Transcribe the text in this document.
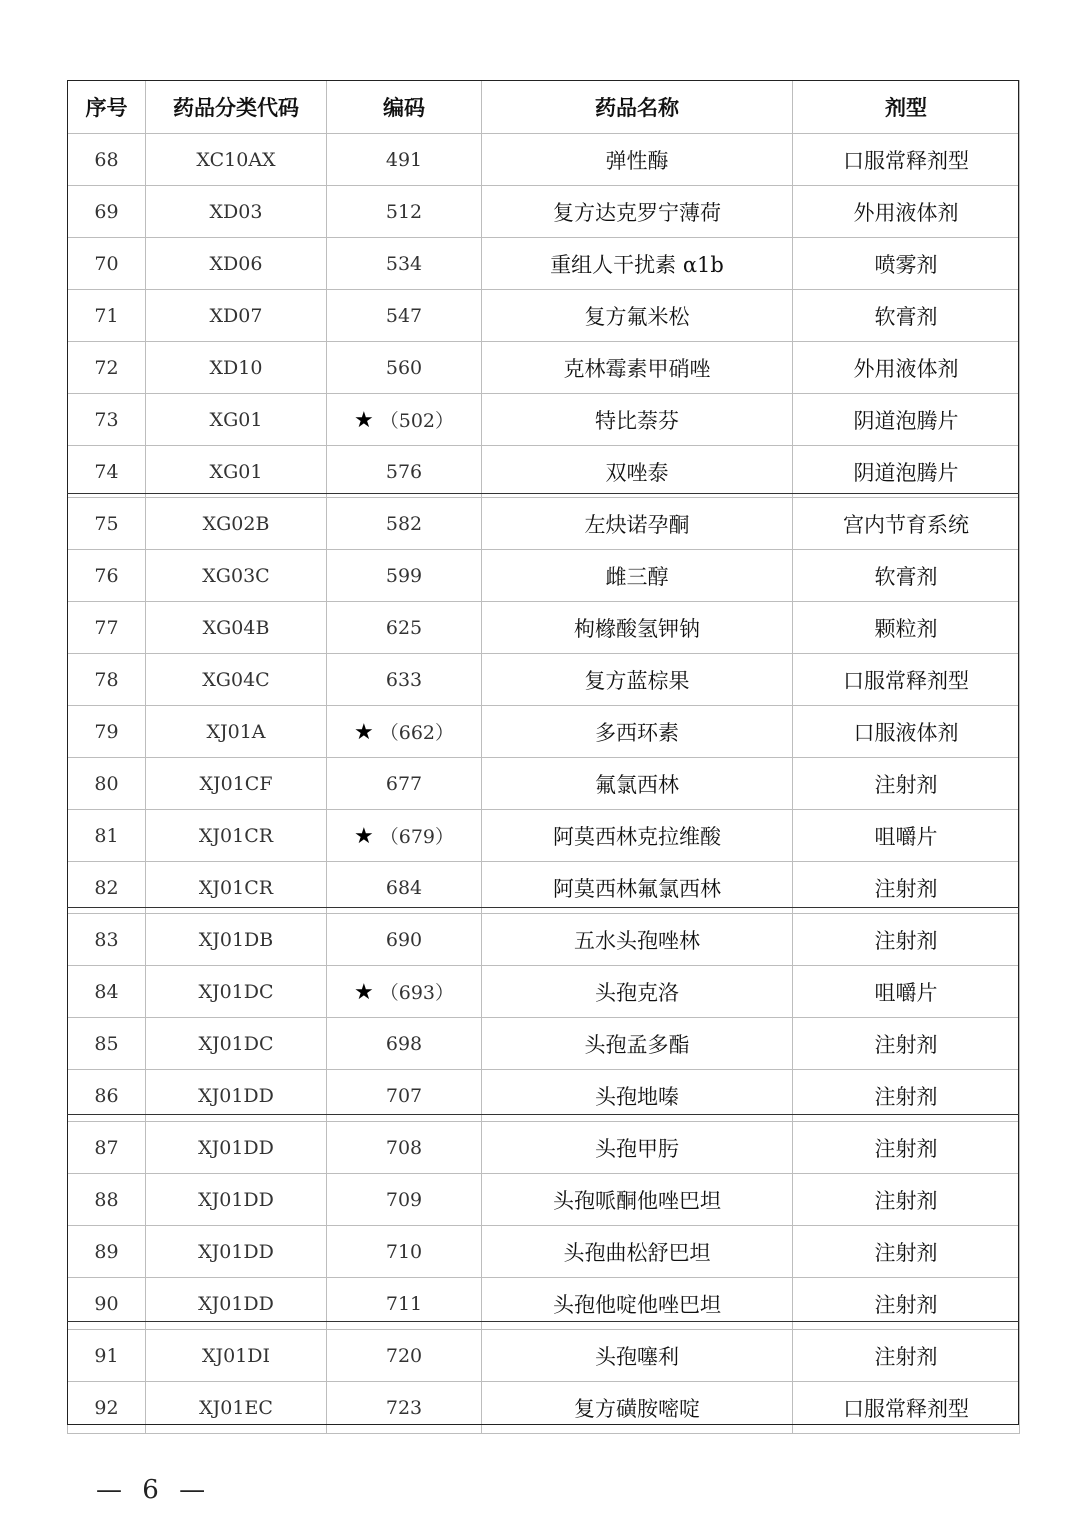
序号	药品分类代码	编码	药品名称	剂型
68	XC10AX	491	弹性酶	口服常释剂型
69	XD03	512	复方达克罗宁薄荷	外用液体剂
70	XD06	534	重组人干扰素 α1b	喷雾剂
71	XD07	547	复方氟米松	软膏剂
72	XD10	560	克林霉素甲硝唑	外用液体剂
73	XG01	★ （502）	特比萘芬	阴道泡腾片
74	XG01	576	双唑泰	阴道泡腾片
75	XG02B	582	左炔诺孕酮	宫内节育系统
76	XG03C	599	雌三醇	软膏剂
77	XG04B	625	枸橼酸氢钾钠	颗粒剂
78	XG04C	633	复方蓝棕果	口服常释剂型
79	XJ01A	★ （662）	多西环素	口服液体剂
80	XJ01CF	677	氟氯西林	注射剂
81	XJ01CR	★ （679）	阿莫西林克拉维酸	咀嚼片
82	XJ01CR	684	阿莫西林氟氯西林	注射剂
83	XJ01DB	690	五水头孢唑林	注射剂
84	XJ01DC	★ （693）	头孢克洛	咀嚼片
85	XJ01DC	698	头孢孟多酯	注射剂
86	XJ01DD	707	头孢地嗪	注射剂
87	XJ01DD	708	头孢甲肟	注射剂
88	XJ01DD	709	头孢哌酮他唑巴坦	注射剂
89	XJ01DD	710	头孢曲松舒巴坦	注射剂
90	XJ01DD	711	头孢他啶他唑巴坦	注射剂
91	XJ01DI	720	头孢噻利	注射剂
92	XJ01EC	723	复方磺胺嘧啶	口服常释剂型
— 6 —
